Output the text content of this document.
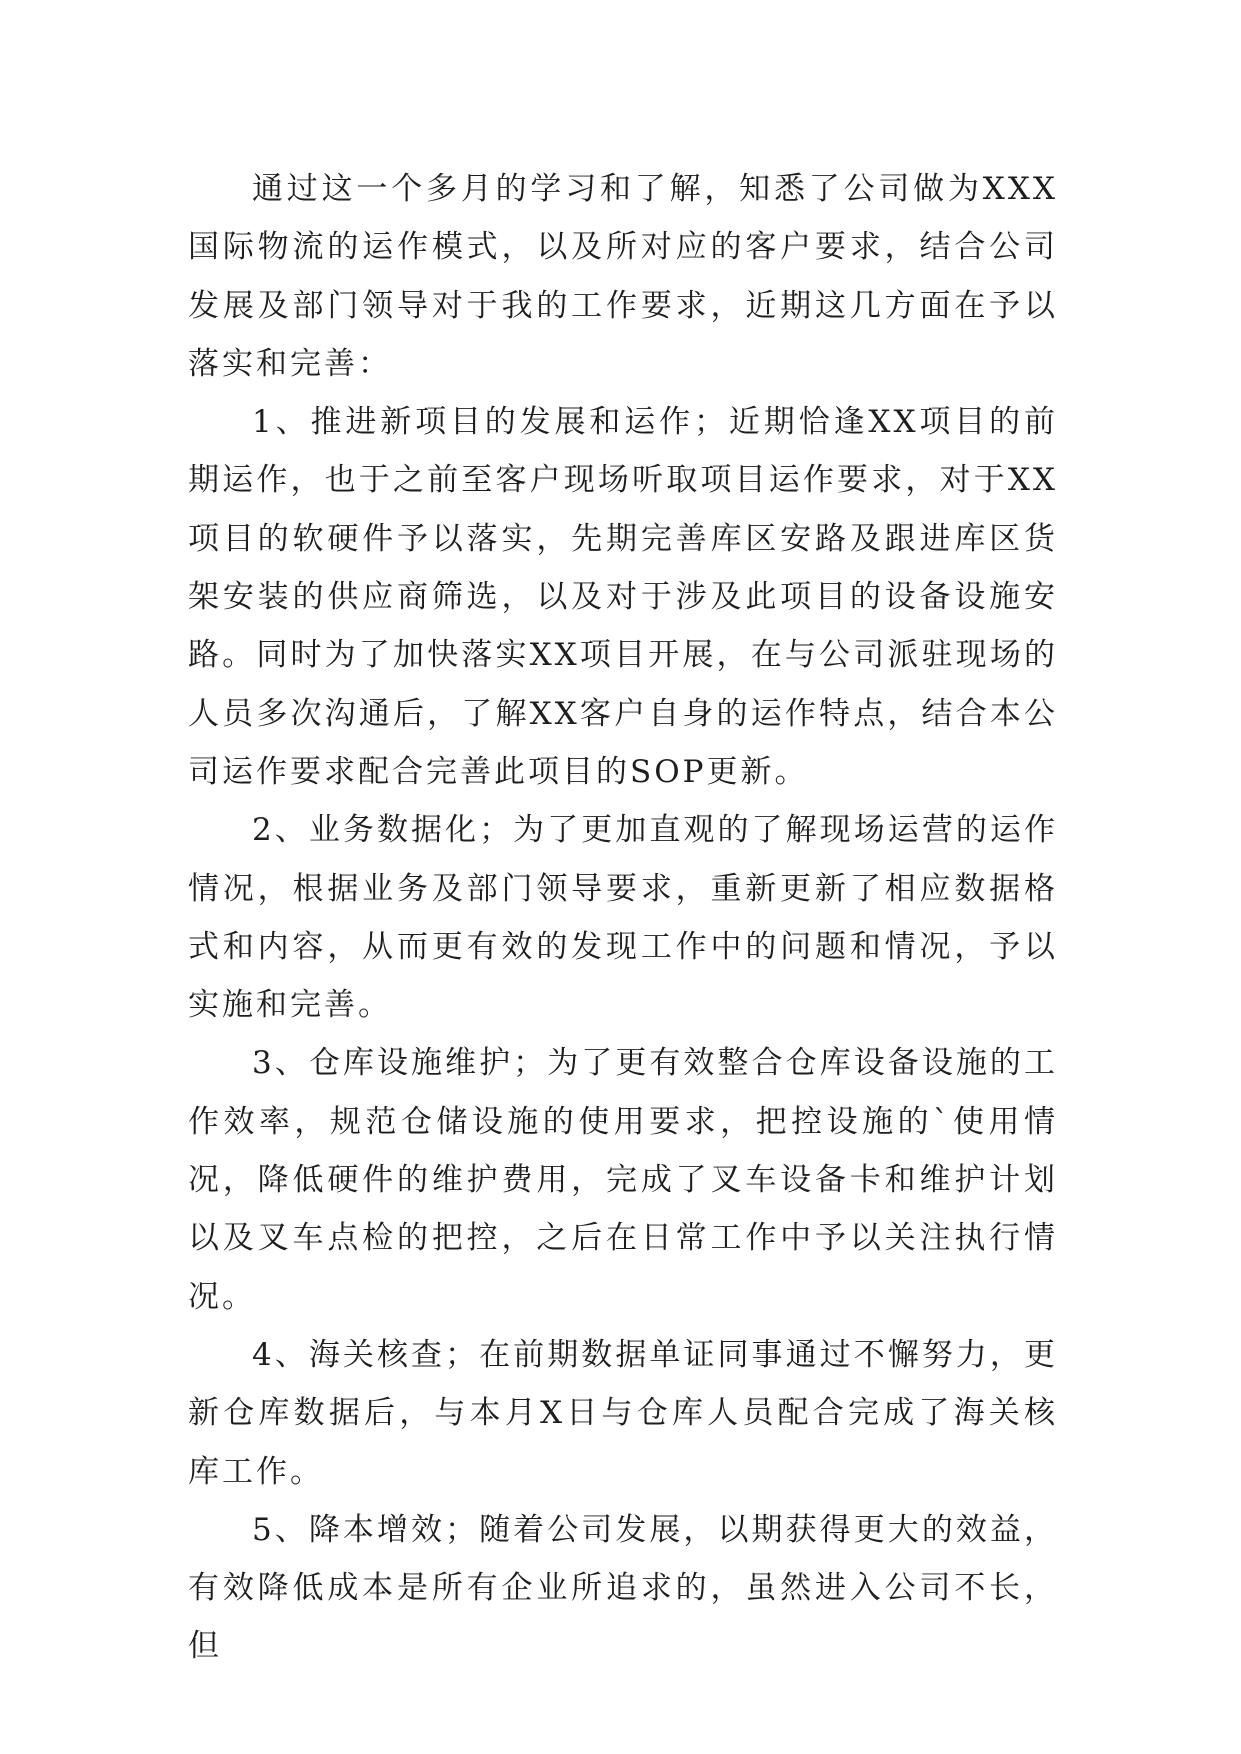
通过这一个多月的学习和了解，知悉了公司做为XXX国际物流的运作模式，以及所对应的客户要求，结合公司发展及部门领导对于我的工作要求，近期这几方面在予以落实和完善：

1、推进新项目的发展和运作；近期恰逢XX项目的前期运作，也于之前至客户现场听取项目运作要求，对于XX项目的软硬件予以落实，先期完善库区安路及跟进库区货架安装的供应商筛选，以及对于涉及此项目的设备设施安路。同时为了加快落实XX项目开展，在与公司派驻现场的人员多次沟通后，了解XX客户自身的运作特点，结合本公司运作要求配合完善此项目的SOP更新。

2、业务数据化；为了更加直观的了解现场运营的运作情况，根据业务及部门领导要求，重新更新了相应数据格式和内容，从而更有效的发现工作中的问题和情况，予以实施和完善。

3、仓库设施维护；为了更有效整合仓库设备设施的工作效率，规范仓储设施的使用要求，把控设施的`使用情况，降低硬件的维护费用，完成了叉车设备卡和维护计划以及叉车点检的把控，之后在日常工作中予以关注执行情况。

4、海关核查；在前期数据单证同事通过不懈努力，更新仓库数据后，与本月X日与仓库人员配合完成了海关核库工作。

5、降本增效；随着公司发展，以期获得更大的效益，有效降低成本是所有企业所追求的，虽然进入公司不长，但
